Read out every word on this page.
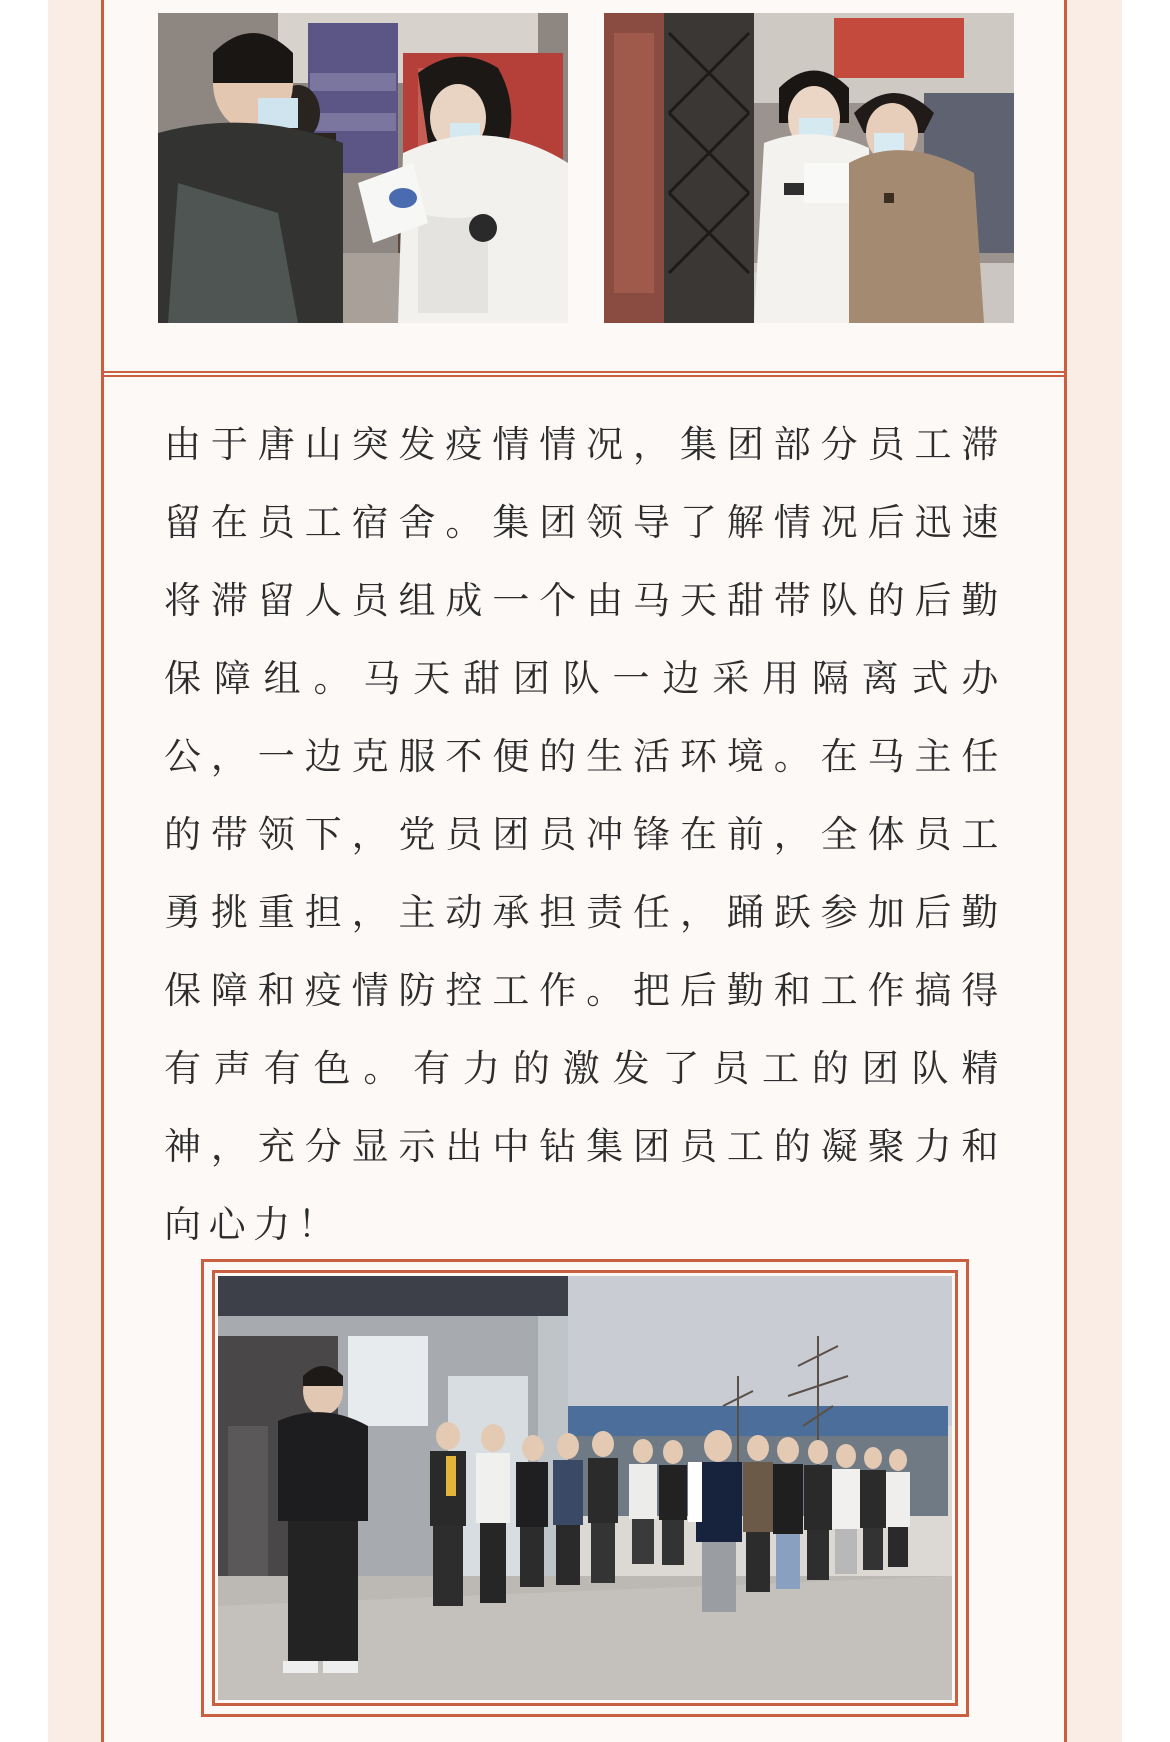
由于唐山突发疫情情况，集团部分员工滞留在员工宿舍。集团领导了解情况后迅速将滞留人员组成一个由马天甜带队的后勤保障组。马天甜团队一边采用隔离式办公，一边克服不便的生活环境。在马主任的带领下，党员团员冲锋在前，全体员工勇挑重担，主动承担责任，踊跃参加后勤保障和疫情防控工作。把后勤和工作搞得有声有色。有力的激发了员工的团队精神，充分显示出中钻集团员工的凝聚力和向心力！
